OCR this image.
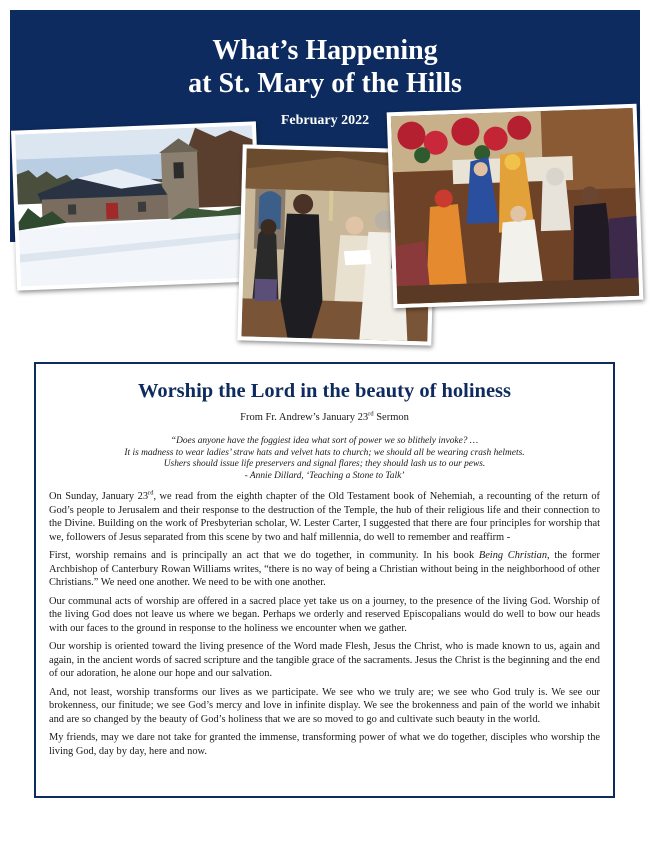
What’s Happening
at St. Mary of the Hills
February 2022
Worship the Lord in the beauty of holiness

From Fr. Andrew’s January 23rd Sermon

“Does anyone have the foggiest idea what sort of power we so blithely invoke? …
It is madness to wear ladies’ straw hats and velvet hats to church; we should all be wearing crash helmets.
Ushers should issue life preservers and signal flares; they should lash us to our pews.
- Annie Dillard, ‘Teaching a Stone to Talk’

On Sunday, January 23rd, we read from the eighth chapter of the Old Testament book of Nehemiah, a recounting of the return of God’s people to Jerusalem and their response to the destruction of the Temple, the hub of their religious life and their connection to the Divine. Building on the work of Presbyterian scholar, W. Lester Carter, I suggested that there are four principles for worship that we, followers of Jesus separated from this scene by two and half millennia, do well to remember and reaffirm -

First, worship remains and is principally an act that we do together, in community. In his book Being Christian, the former Archbishop of Canterbury Rowan Williams writes, “there is no way of being a Christian without being in the neighborhood of other Christians.” We need one another. We need to be with one another.

Our communal acts of worship are offered in a sacred place yet take us on a journey, to the presence of the living God. Worship of the living God does not leave us where we began. Perhaps we orderly and reserved Episcopalians would do well to bow our heads with our faces to the ground in response to the holiness we encounter when we gather.

Our worship is oriented toward the living presence of the Word made Flesh, Jesus the Christ, who is made known to us, again and again, in the ancient words of sacred scripture and the tangible grace of the sacraments. Jesus the Christ is the beginning and the end of our adoration, he alone our hope and our salvation.

And, not least, worship transforms our lives as we participate. We see who we truly are; we see who God truly is. We see our brokenness, our finitude; we see God’s mercy and love in infinite display. We see the brokenness and pain of the world we inhabit and are so changed by the beauty of God’s holiness that we are so moved to go and cultivate such beauty in the world.

My friends, may we dare not take for granted the immense, transforming power of what we do together, disciples who worship the living God, day by day, here and now.
